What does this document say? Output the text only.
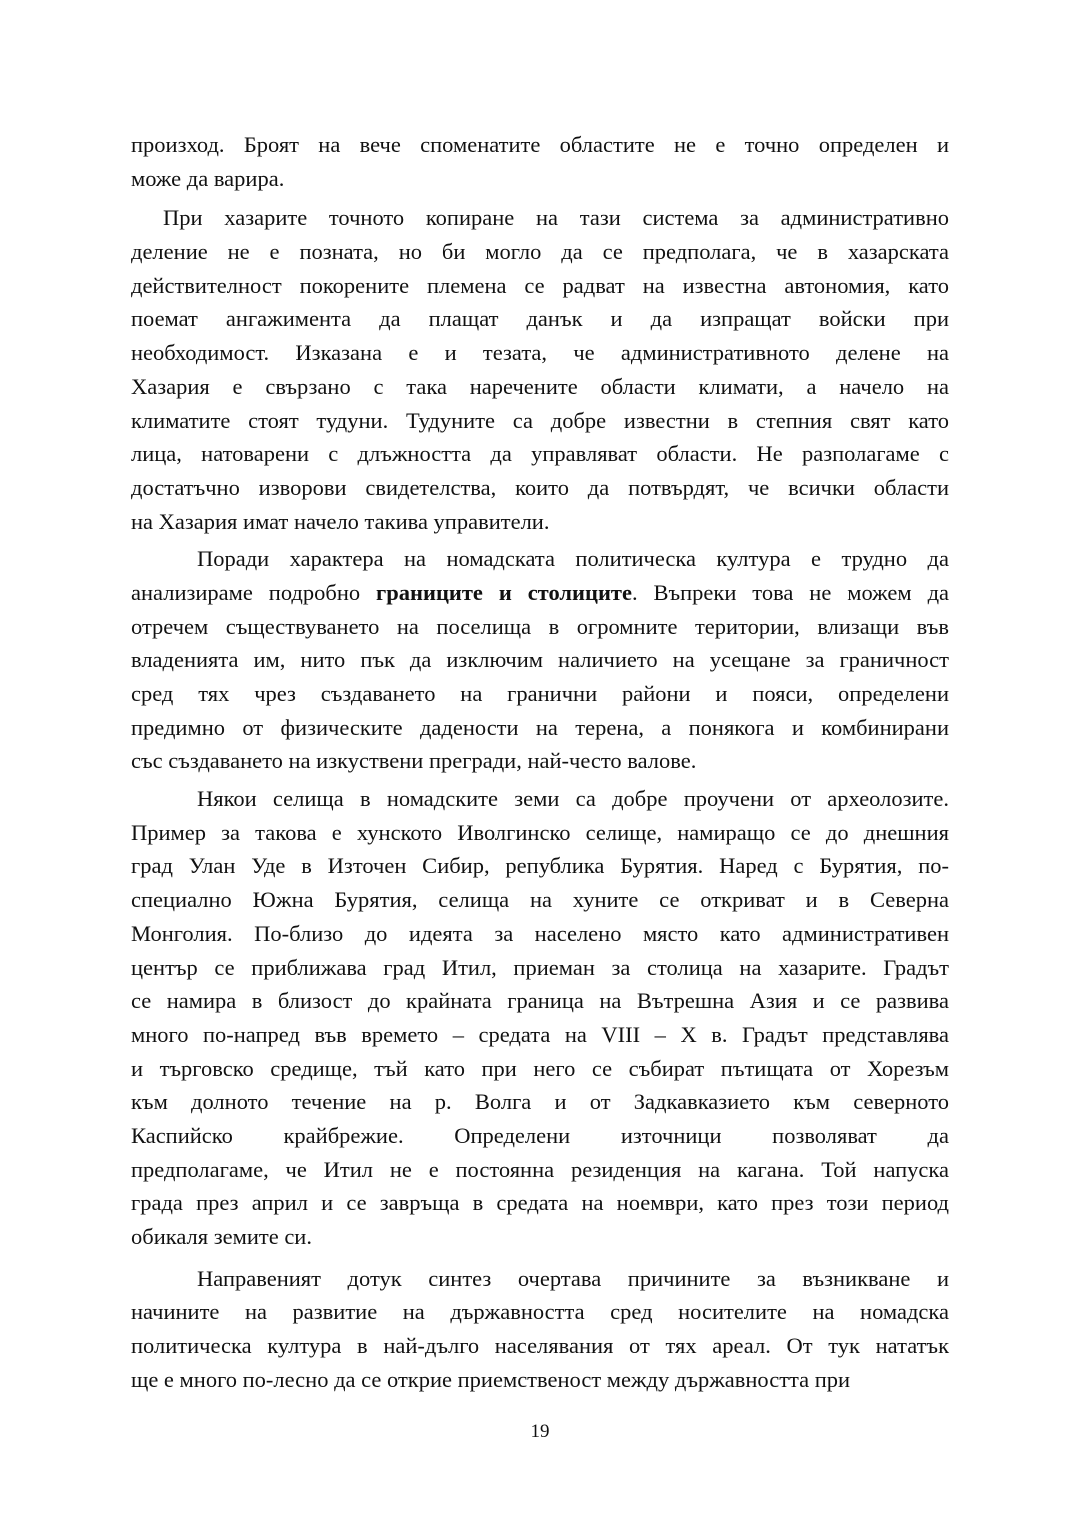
произход. Броят на вече споменатите областите не е точно определен и
може да варира.
При хазарите точното копиране на тази система за административно
деление не е позната, но би могло да се предполага, че в хазарската
действителност покорените племена се радват на известна автономия, като
поемат ангажимента да плащат данък и да изпращат войски при
необходимост. Изказана е и тезата, че административното делене на
Хазария е свързано с така наречените области климати, а начело на
климатите стоят тудуни. Тудуните са добре известни в степния свят като
лица, натоварени с длъжността да управляват области. Не разполагаме с
достатъчно изворови свидетелства, които да потвърдят, че всички области
на Хазария имат начело такива управители.
Поради характера на номадската политическа култура е трудно да
анализираме подробно границите и столиците. Въпреки това не можем да
отречем съществуването на поселища в огромните територии, влизащи във
владенията им, нито пък да изключим наличието на усещане за граничност
сред тях чрез създаването на гранични райони и пояси, определени
предимно от физическите дадености на терена, а понякога и комбинирани
със създаването на изкуствени прегради, най-често валове.
Някои селища в номадските земи са добре проучени от археолозите.
Пример за такова е хунското Иволгинско селище, намиращо се до днешния
град Улан Уде в Източен Сибир, република Бурятия. Наред с Бурятия, по-
специално Южна Бурятия, селища на хуните се откриват и в Северна
Монголия. По-близо до идеята за населено място като административен
център се приближава град Итил, приеман за столица на хазарите. Градът
се намира в близост до крайната граница на Вътрешна Азия и се развива
много по-напред във времето – средата на VIII – X в. Градът представлява
и търговско средище, тъй като при него се събират пътищата от Хорезъм
към долното течение на р. Волга и от Задкавказието към северното
Каспийско крайбрежие. Определени източници позволяват да
предполагаме, че Итил не е постоянна резиденция на кагана. Той напуска
града през април и се завръща в средата на ноември, като през този период
обикаля земите си.
Направеният дотук синтез очертава причините за възникване и
начините на развитие на държавността сред носителите на номадска
политическа култура в най-дълго населявания от тях ареал. От тук нататък
ще е много по-лесно да се открие приемственост между държавността при
19
